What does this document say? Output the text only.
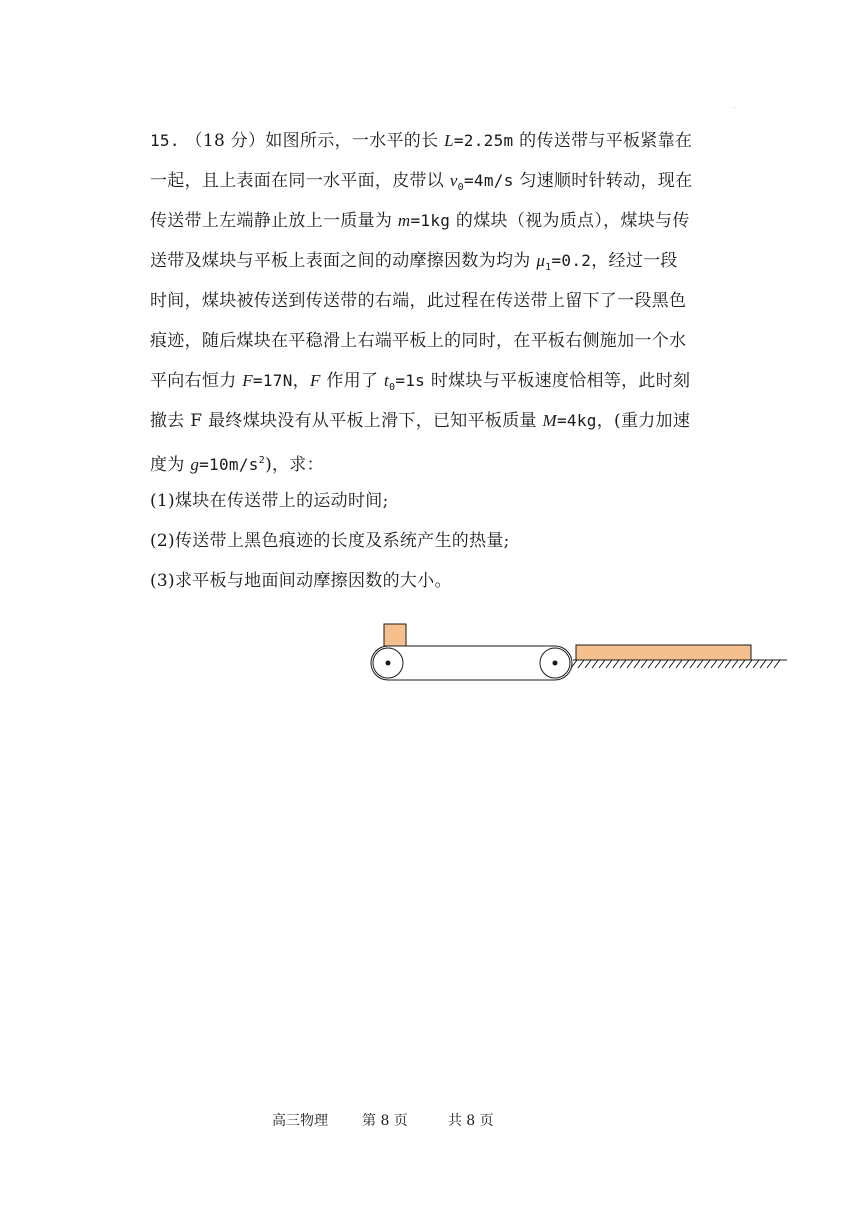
15. （18 分）如图所示，一水平的长 L=2.25m 的传送带与平板紧靠在
一起，且上表面在同一水平面，皮带以 $v_0=4m/s$ 匀速顺时针转动，现在
传送带上左端静止放上一质量为 m=1kg 的煤块（视为质点），煤块与传
送带及煤块与平板上表面之间的动摩擦因数为均为 $\mu_1=0.2$，经过一段
时间，煤块被传送到传送带的右端，此过程在传送带上留下了一段黑色
痕迹，随后煤块在平稳滑上右端平板上的同时，在平板右侧施加一个水
平向右恒力 F=17N，F 作用了 $t_0=1s$ 时煤块与平板速度恰相等，此时刻
撤去 F 最终煤块没有从平板上滑下，已知平板质量 M=4kg，(重力加速
度为 $g=10m/s^2$)，求：
(1)煤块在传送带上的运动时间;
(2)传送带上黑色痕迹的长度及系统产生的热量;
(3)求平板与地面间动摩擦因数的大小。
高三物理 第 8 页	共 8 页
